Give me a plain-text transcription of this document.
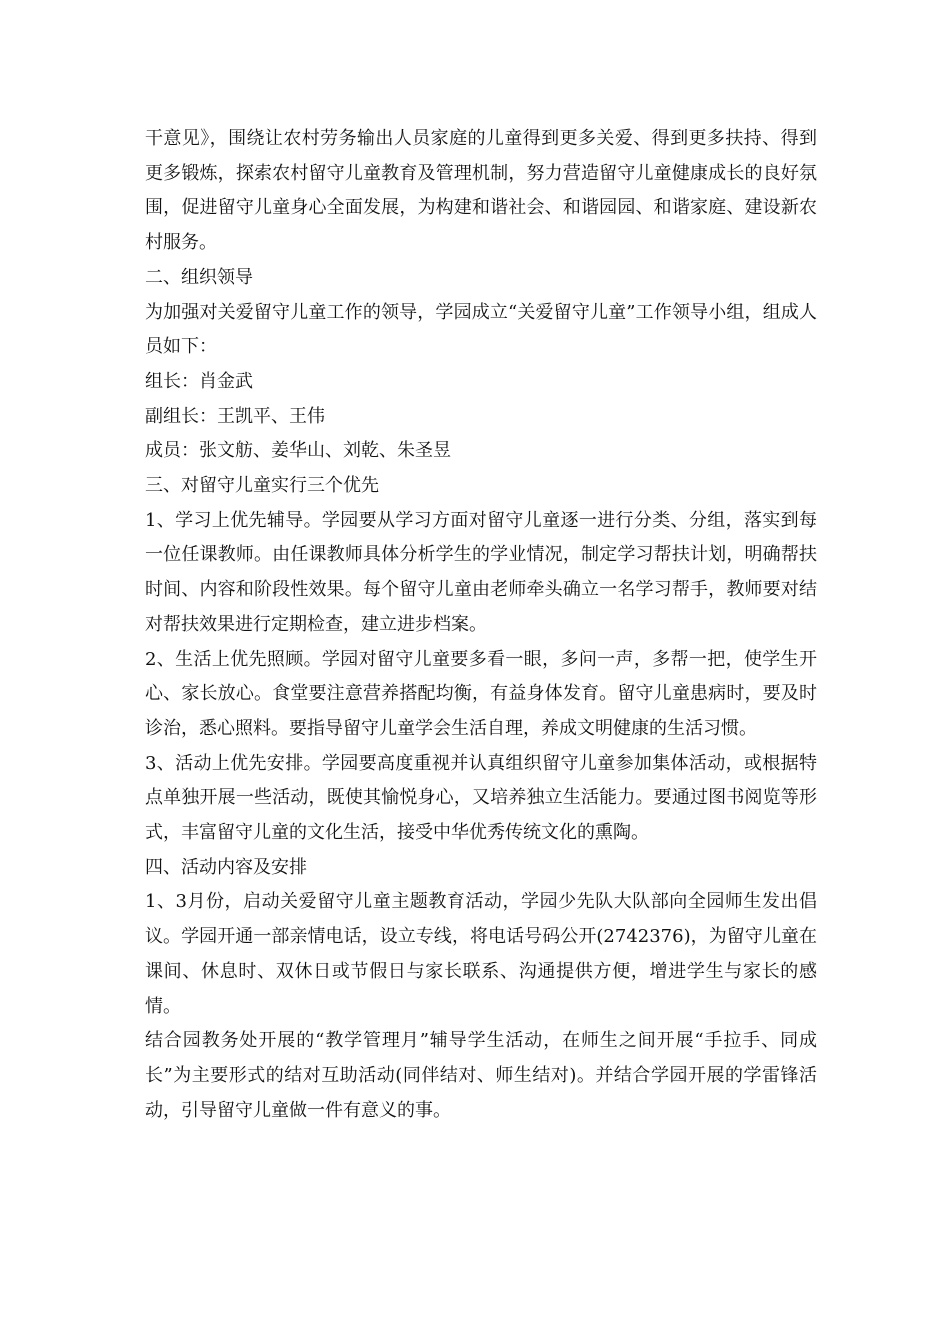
干意见》，围绕让农村劳务输出人员家庭的儿童得到更多关爱、得到更多扶持、得到更多锻炼，探索农村留守儿童教育及管理机制，努力营造留守儿童健康成长的良好氛围，促进留守儿童身心全面发展，为构建和谐社会、和谐园园、和谐家庭、建设新农村服务。

二、组织领导

为加强对关爱留守儿童工作的领导，学园成立“关爱留守儿童”工作领导小组，组成人员如下：

组长：肖金武

副组长：王凯平、王伟

成员：张文舫、姜华山、刘乾、朱圣昱

三、对留守儿童实行三个优先

1、学习上优先辅导。学园要从学习方面对留守儿童逐一进行分类、分组，落实到每一位任课教师。由任课教师具体分析学生的学业情况，制定学习帮扶计划，明确帮扶时间、内容和阶段性效果。每个留守儿童由老师牵头确立一名学习帮手，教师要对结对帮扶效果进行定期检查，建立进步档案。

2、生活上优先照顾。学园对留守儿童要多看一眼，多问一声，多帮一把，使学生开心、家长放心。食堂要注意营养搭配均衡，有益身体发育。留守儿童患病时，要及时诊治，悉心照料。要指导留守儿童学会生活自理，养成文明健康的生活习惯。

3、活动上优先安排。学园要高度重视并认真组织留守儿童参加集体活动，或根据特点单独开展一些活动，既使其愉悦身心，又培养独立生活能力。要通过图书阅览等形式，丰富留守儿童的文化生活，接受中华优秀传统文化的熏陶。

四、活动内容及安排

1、3月份，启动关爱留守儿童主题教育活动，学园少先队大队部向全园师生发出倡议。学园开通一部亲情电话，设立专线，将电话号码公开(2742376)，为留守儿童在课间、休息时、双休日或节假日与家长联系、沟通提供方便，增进学生与家长的感情。

结合园教务处开展的“教学管理月”辅导学生活动，在师生之间开展“手拉手、同成长”为主要形式的结对互助活动(同伴结对、师生结对)。并结合学园开展的学雷锋活动，引导留守儿童做一件有意义的事。
